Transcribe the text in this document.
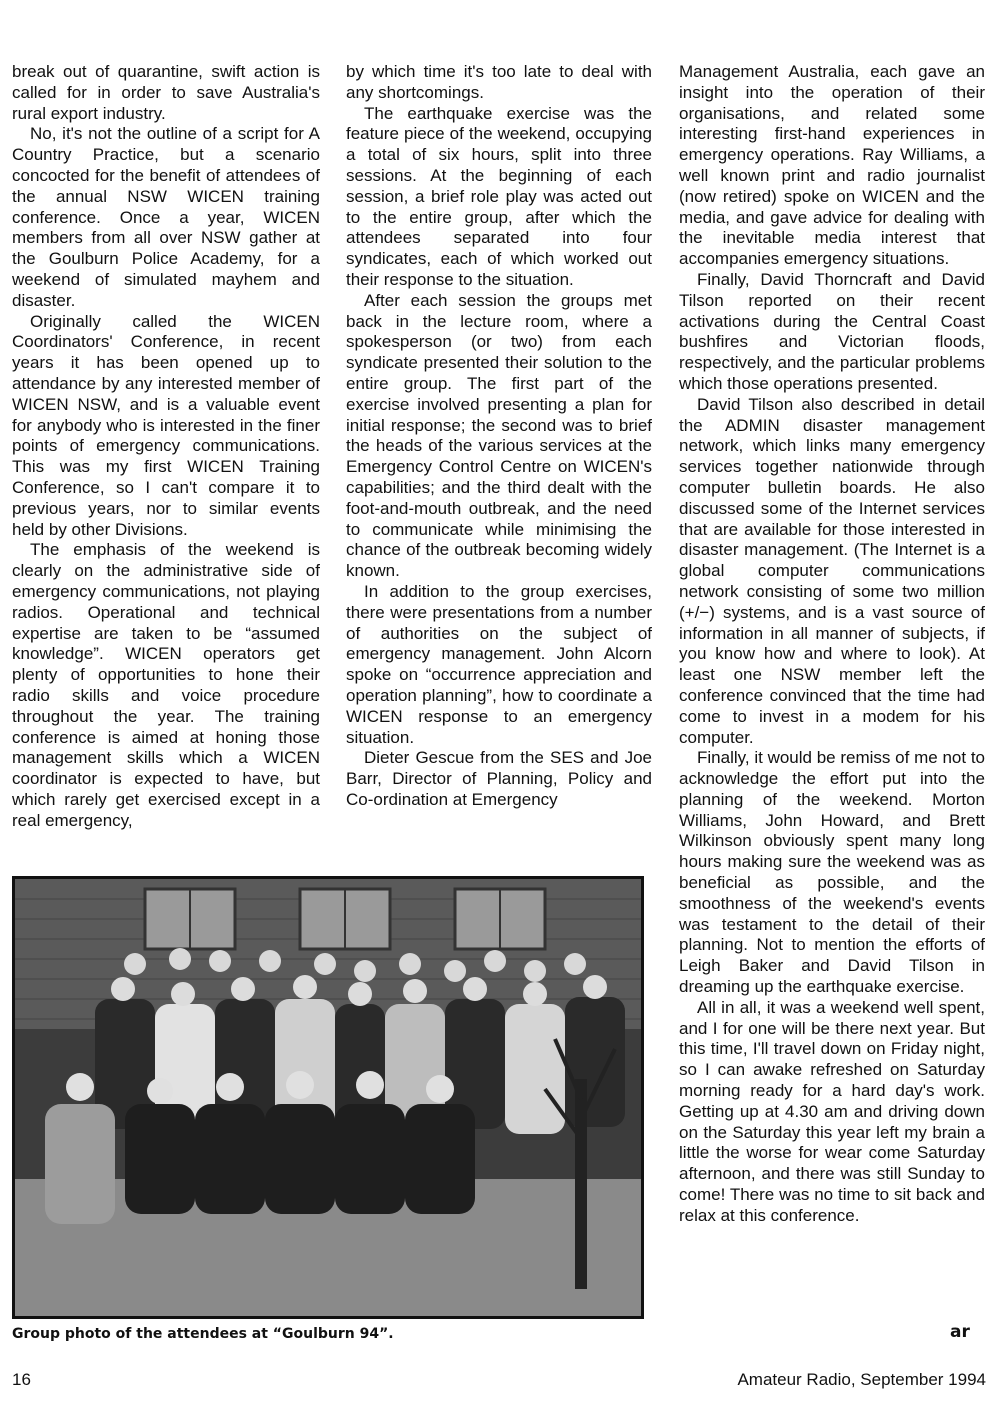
break out of quarantine, swift action is called for in order to save Australia's rural export industry.

No, it's not the outline of a script for A Country Practice, but a scenario concocted for the benefit of attendees of the annual NSW WICEN training conference. Once a year, WICEN members from all over NSW gather at the Goulburn Police Academy, for a weekend of simulated mayhem and disaster.

Originally called the WICEN Coordinators' Conference, in recent years it has been opened up to attendance by any interested member of WICEN NSW, and is a valuable event for anybody who is interested in the finer points of emergency communications. This was my first WICEN Training Conference, so I can't compare it to previous years, nor to similar events held by other Divisions.

The emphasis of the weekend is clearly on the administrative side of emergency communications, not playing radios. Operational and technical expertise are taken to be “assumed knowledge”. WICEN operators get plenty of opportunities to hone their radio skills and voice procedure throughout the year. The training conference is aimed at honing those management skills which a WICEN coordinator is expected to have, but which rarely get exercised except in a real emergency,

by which time it's too late to deal with any shortcomings.

The earthquake exercise was the feature piece of the weekend, occupying a total of six hours, split into three sessions. At the beginning of each session, a brief role play was acted out to the entire group, after which the attendees separated into four syndicates, each of which worked out their response to the situation.

After each session the groups met back in the lecture room, where a spokesperson (or two) from each syndicate presented their solution to the entire group. The first part of the exercise involved presenting a plan for initial response; the second was to brief the heads of the various services at the Emergency Control Centre on WICEN's capabilities; and the third dealt with the foot-and-mouth outbreak, and the need to communicate while minimising the chance of the outbreak becoming widely known.

In addition to the group exercises, there were presentations from a number of authorities on the subject of emergency management. John Alcorn spoke on “occurrence appreciation and operation planning”, how to coordinate a WICEN response to an emergency situation.

Dieter Gescue from the SES and Joe Barr, Director of Planning, Policy and Co-ordination at Emergency

Management Australia, each gave an insight into the operation of their organisations, and related some interesting first-hand experiences in emergency operations. Ray Williams, a well known print and radio journalist (now retired) spoke on WICEN and the media, and gave advice for dealing with the inevitable media interest that accompanies emergency situations.

Finally, David Thorncraft and David Tilson reported on their recent activations during the Central Coast bushfires and Victorian floods, respectively, and the particular problems which those operations presented.

David Tilson also described in detail the ADMIN disaster management network, which links many emergency services together nationwide through computer bulletin boards. He also discussed some of the Internet services that are available for those interested in disaster management. (The Internet is a global computer communications network consisting of some two million (+/−) systems, and is a vast source of information in all manner of subjects, if you know how and where to look). At least one NSW member left the conference convinced that the time had come to invest in a modem for his computer.

Finally, it would be remiss of me not to acknowledge the effort put into the planning of the weekend. Morton Williams, John Howard, and Brett Wilkinson obviously spent many long hours making sure the weekend was as beneficial as possible, and the smoothness of the weekend's events was testament to the detail of their planning. Not to mention the efforts of Leigh Baker and David Tilson in dreaming up the earthquake exercise.

All in all, it was a weekend well spent, and I for one will be there next year. But this time, I'll travel down on Friday night, so I can awake refreshed on Saturday morning ready for a hard day's work. Getting up at 4.30 am and driving down on the Saturday this year left my brain a little the worse for wear come Saturday afternoon, and there was still Sunday to come! There was no time to sit back and relax at this conference.

Group photo of the attendees at “Goulburn 94”.	ar
16	Amateur Radio, September 1994
